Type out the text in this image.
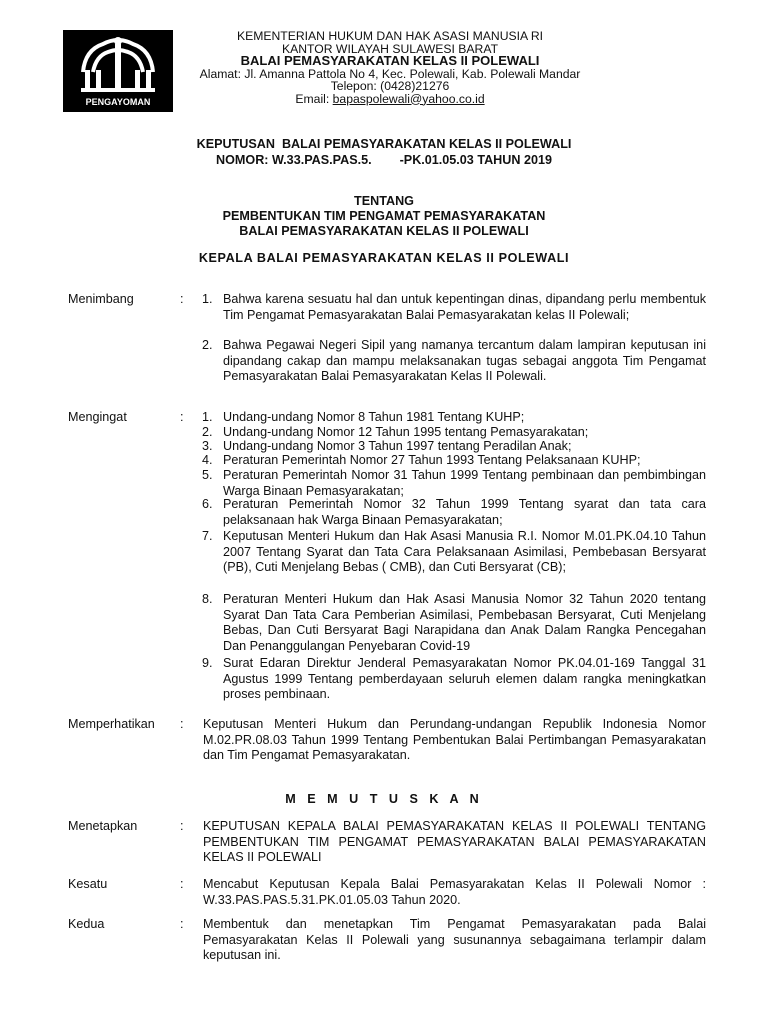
PENGAYOMAN
KEMENTERIAN HUKUM DAN HAK ASASI MANUSIA RI
KANTOR WILAYAH SULAWESI BARAT
BALAI PEMASYARAKATAN KELAS II POLEWALI
Alamat: Jl. Amanna Pattola No 4, Kec. Polewali, Kab. Polewali Mandar
Telepon: (0428)21276
Email: bapaspolewali@yahoo.co.id
KEPUTUSAN  BALAI PEMASYARAKATAN KELAS II POLEWALI
NOMOR: W.33.PAS.PAS.5.        -PK.01.05.03 TAHUN 2019
TENTANG
PEMBENTUKAN TIM PENGAMAT PEMASYARAKATAN
BALAI PEMASYARAKATAN KELAS II POLEWALI
KEPALA BALAI PEMASYARAKATAN KELAS II POLEWALI
Menimbang	: 1. Bahwa karena sesuatu hal dan untuk kepentingan dinas, dipandang perlu membentuk Tim Pengamat Pemasyarakatan Balai Pemasyarakatan kelas II Polewali;
2. Bahwa Pegawai Negeri Sipil yang namanya tercantum dalam lampiran keputusan ini dipandang cakap dan mampu melaksanakan tugas sebagai anggota Tim Pengamat Pemasyarakatan Balai Pemasyarakatan Kelas II Polewali.
Mengingat	: 1. Undang-undang Nomor 8 Tahun 1981 Tentang KUHP;
2. Undang-undang Nomor 12 Tahun 1995 tentang Pemasyarakatan;
3. Undang-undang Nomor 3 Tahun 1997 tentang Peradilan Anak;
4. Peraturan Pemerintah Nomor 27 Tahun 1993 Tentang Pelaksanaan KUHP;
5. Peraturan Pemerintah Nomor 31 Tahun 1999 Tentang pembinaan dan pembimbingan Warga Binaan Pemasyarakatan;
6. Peraturan Pemerintah Nomor 32 Tahun 1999 Tentang syarat dan tata cara pelaksanaan hak Warga Binaan Pemasyarakatan;
7. Keputusan Menteri Hukum dan Hak Asasi Manusia R.I. Nomor M.01.PK.04.10 Tahun 2007 Tentang Syarat dan Tata Cara Pelaksanaan Asimilasi, Pembebasan Bersyarat (PB), Cuti Menjelang Bebas ( CMB), dan Cuti Bersyarat (CB);
8. Peraturan Menteri Hukum dan Hak Asasi Manusia Nomor 32 Tahun 2020 tentang Syarat Dan Tata Cara Pemberian Asimilasi, Pembebasan Bersyarat, Cuti Menjelang Bebas, Dan Cuti Bersyarat Bagi Narapidana dan Anak Dalam Rangka Pencegahan Dan Penanggulangan Penyebaran Covid-19
9. Surat Edaran Direktur Jenderal Pemasyarakatan Nomor PK.04.01-169 Tanggal 31 Agustus 1999 Tentang pemberdayaan seluruh elemen dalam rangka meningkatkan proses pembinaan.
Memperhatikan : Keputusan Menteri Hukum dan Perundang-undangan Republik Indonesia Nomor M.02.PR.08.03 Tahun 1999 Tentang Pembentukan Balai Pertimbangan Pemasyarakatan dan Tim Pengamat Pemasyarakatan.
M E M U T U S K A N
Menetapkan	: KEPUTUSAN KEPALA BALAI PEMASYARAKATAN KELAS II POLEWALI TENTANG PEMBENTUKAN TIM PENGAMAT PEMASYARAKATAN BALAI PEMASYARAKATAN KELAS II POLEWALI
Kesatu	: Mencabut Keputusan Kepala Balai Pemasyarakatan Kelas II Polewali Nomor : W.33.PAS.PAS.5.31.PK.01.05.03 Tahun 2020.
Kedua	: Membentuk dan menetapkan Tim Pengamat Pemasyarakatan pada Balai Pemasyarakatan Kelas II Polewali yang susunannya sebagaimana terlampir dalam keputusan ini.
